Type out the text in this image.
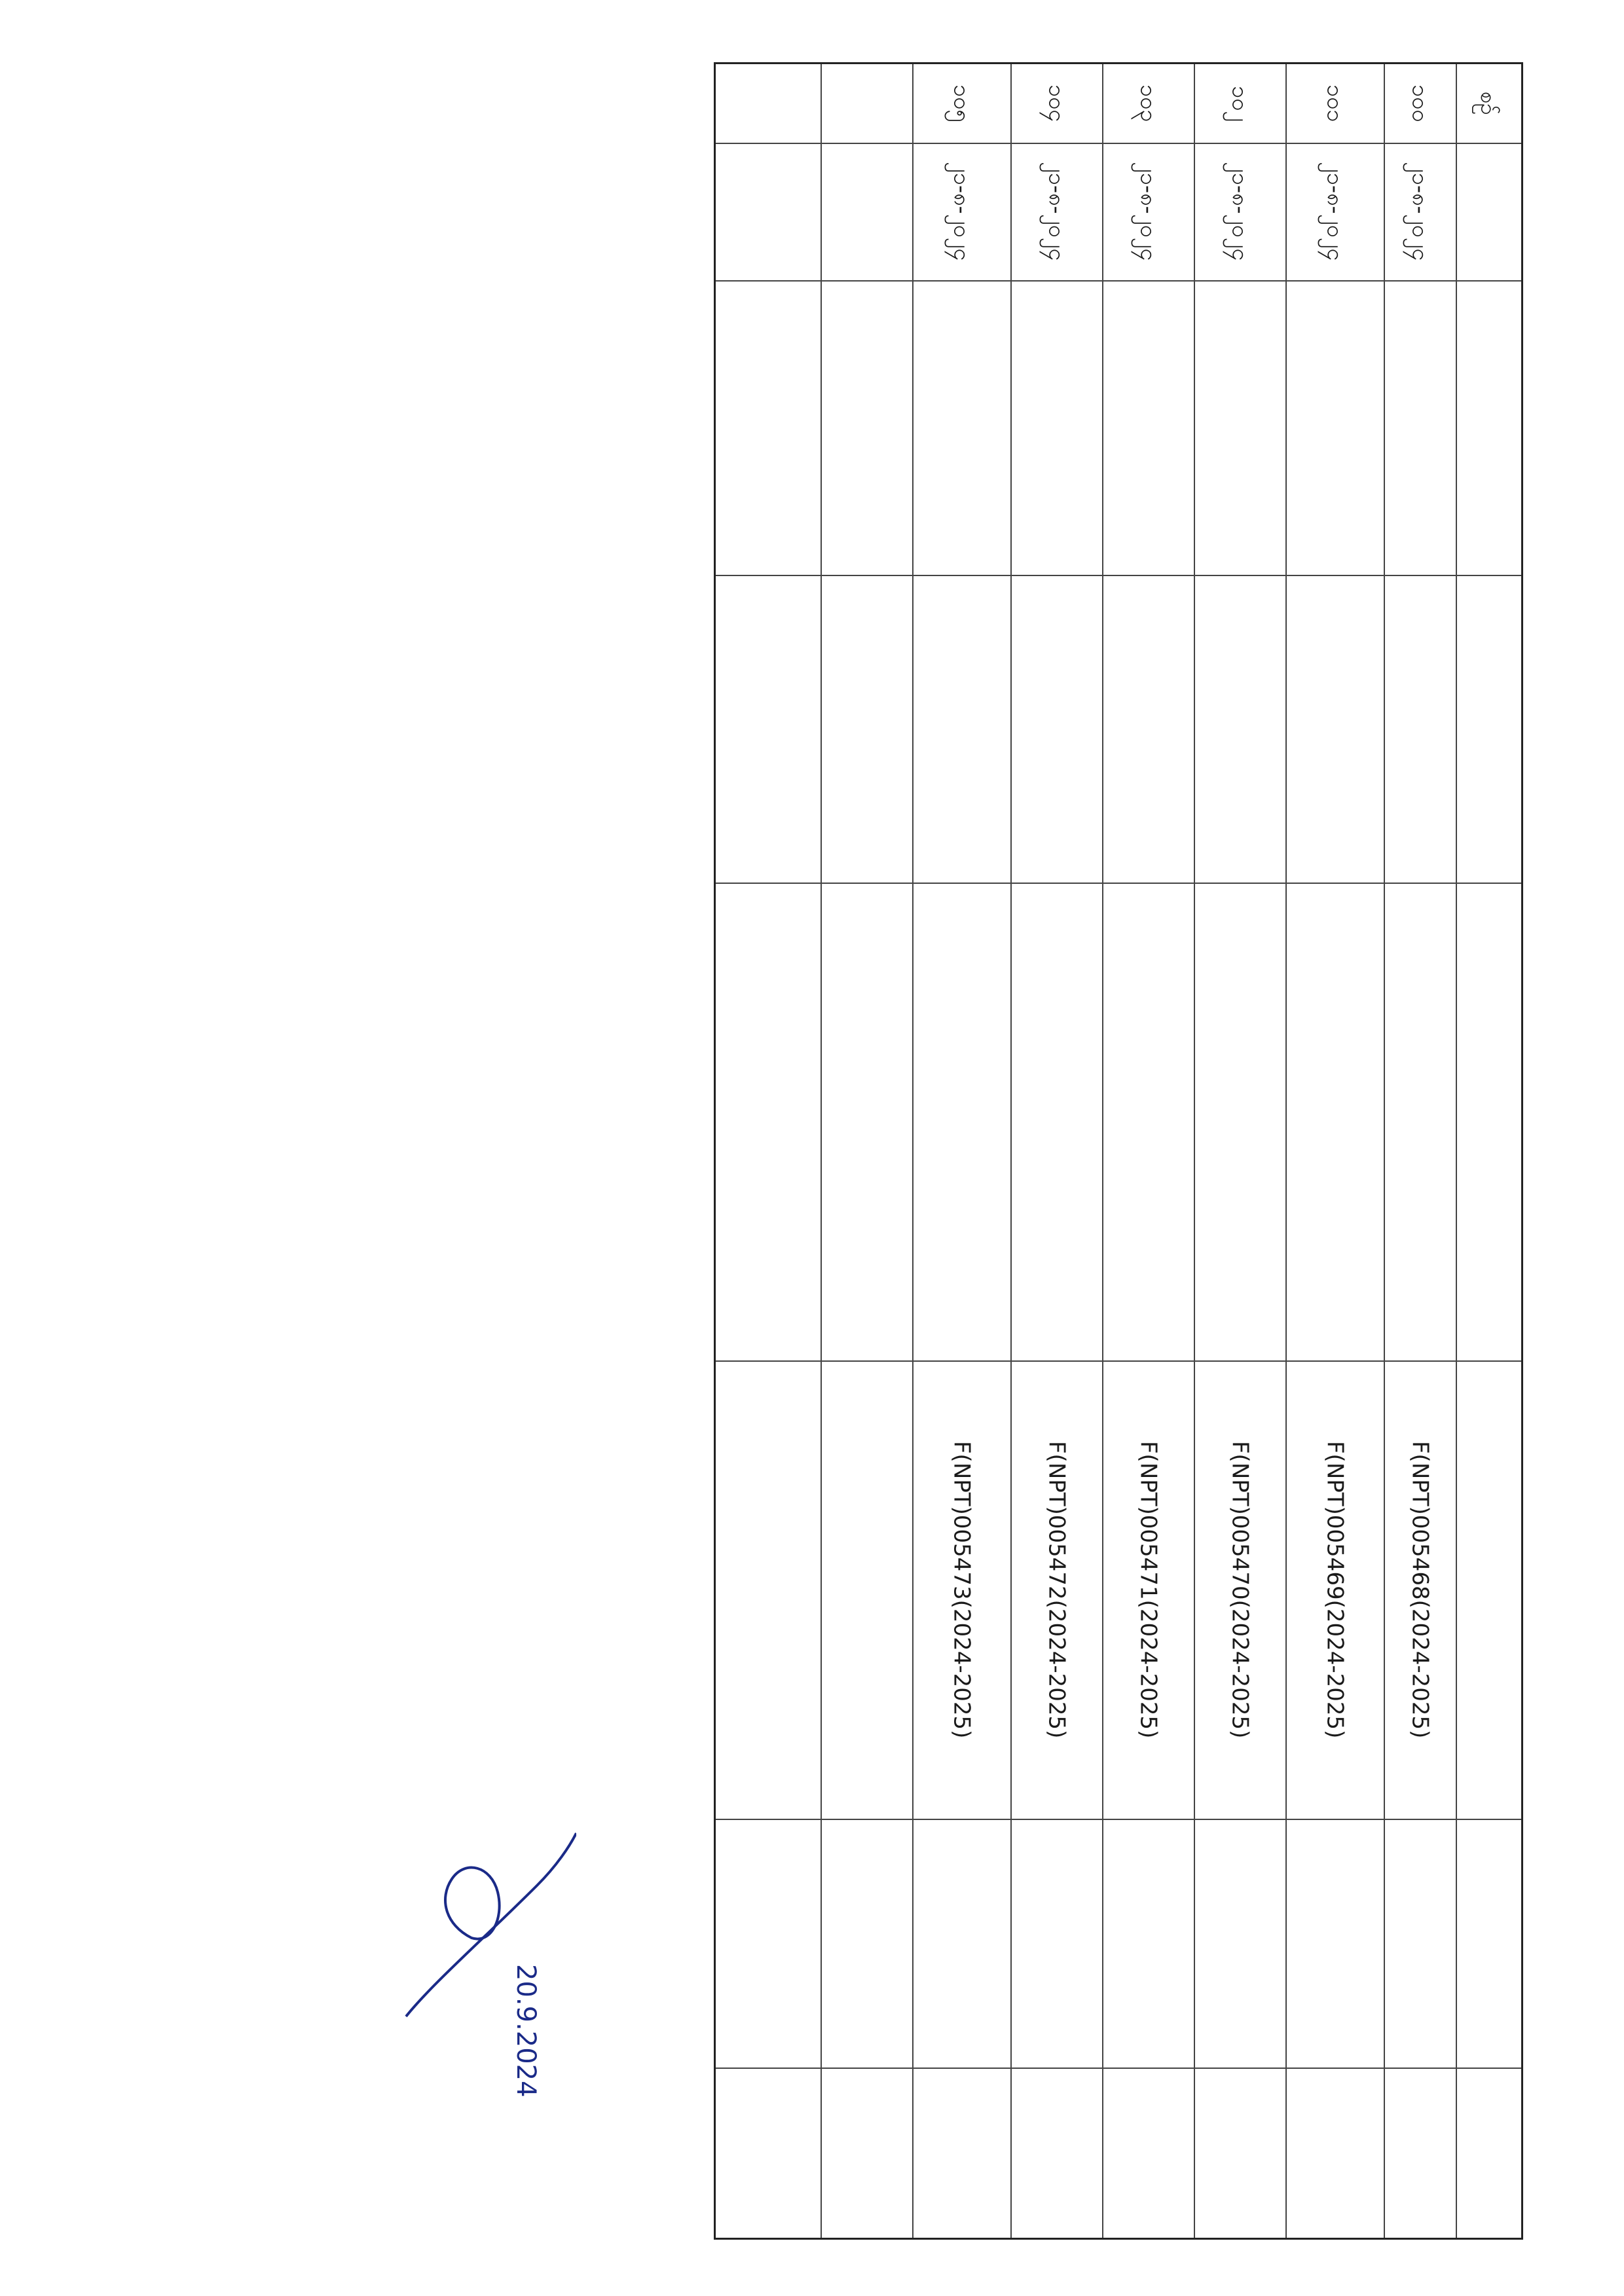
စဉ်
၁၀၀
၂၁-၈-၂၀၂၄
F(NPT)005468(2024-2025)
၁၀၁
၂၁-၈-၂၀၂၄
F(NPT)005469(2024-2025)
၁၀၂
၂၁-၈-၂၀၂၄
F(NPT)005470(2024-2025)
၁၀၃
၂၁-၈-၂၀၂၄
F(NPT)005471(2024-2025)
၁၀၄
၂၁-၈-၂၀၂၄
F(NPT)005472(2024-2025)
၁၀၅
၂၁-၈-၂၀၂၄
F(NPT)005473(2024-2025)
20.9.2024
